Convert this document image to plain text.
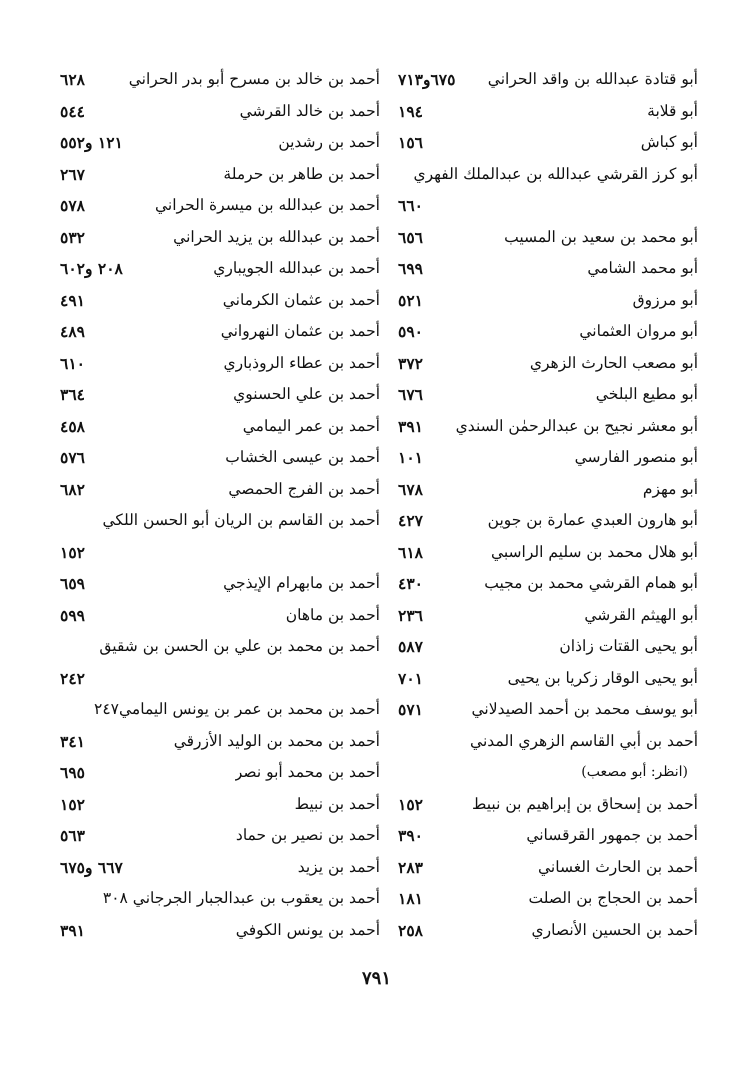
أبو قتادة عبدالله بن واقد الحراني
٦٧٥و٧١٣
أبو قلابة
١٩٤
أبو كباش
١٥٦
أبو كرز القرشي عبدالله بن عبدالملك الفهري
٦٦٠
أبو محمد بن سعيد بن المسيب
٦٥٦
أبو محمد الشامي
٦٩٩
أبو مرزوق
٥٢١
أبو مروان العثماني
٥٩٠
أبو مصعب الحارث الزهري
٣٧٢
أبو مطيع البلخي
٦٧٦
أبو معشر نجيح بن عبدالرحمٰن السندي
٣٩١
أبو منصور الفارسي
١٠١
أبو مهزم
٦٧٨
أبو هارون العبدي عمارة بن جوين
٤٢٧
أبو هلال محمد بن سليم الراسبي
٦١٨
أبو همام القرشي محمد بن مجيب
٤٣٠
أبو الهيثم القرشي
٢٣٦
أبو يحيى القتات زاذان
٥٨٧
أبو يحيى الوقار زكريا بن يحيى
٧٠١
أبو يوسف محمد بن أحمد الصيدلاني
٥٧١
أحمد بن أبي القاسم الزهري المدني
(انظر: أبو مصعب)
أحمد بن إسحاق بن إبراهيم بن نبيط
١٥٢
أحمد بن جمهور القرقساني
٣٩٠
أحمد بن الحارث الغساني
٢٨٣
أحمد بن الحجاج بن الصلت
١٨١
أحمد بن الحسين الأنصاري
٢٥٨
أحمد بن خالد بن مسرح أبو بدر الحراني
٦٢٨
أحمد بن خالد القرشي
٥٤٤
أحمد بن رشدين
١٢١ و٥٥٢
أحمد بن طاهر بن حرملة
٢٦٧
أحمد بن عبدالله بن ميسرة الحراني
٥٧٨
أحمد بن عبدالله بن يزيد الحراني
٥٣٢
أحمد بن عبدالله الجويباري
٢٠٨ و٦٠٢
أحمد بن عثمان الكرماني
٤٩١
أحمد بن عثمان النهرواني
٤٨٩
أحمد بن عطاء الروذباري
٦١٠
أحمد بن علي الحسنوي
٣٦٤
أحمد بن عمر اليمامي
٤٥٨
أحمد بن عيسى الخشاب
٥٧٦
أحمد بن الفرج الحمصي
٦٨٢
أحمد بن القاسم بن الريان أبو الحسن اللكي
١٥٢
أحمد بن مابهرام الإيذجي
٦٥٩
أحمد بن ماهان
٥٩٩
أحمد بن محمد بن علي بن الحسن بن شقيق
٢٤٢
أحمد بن محمد بن عمر بن يونس اليمامي٢٤٧
أحمد بن محمد بن الوليد الأزرقي
٣٤١
أحمد بن محمد أبو نصر
٦٩٥
أحمد بن نبيط
١٥٢
أحمد بن نصير بن حماد
٥٦٣
أحمد بن يزيد
٦٦٧ و٦٧٥
أحمد بن يعقوب بن عبدالجبار الجرجاني ٣٠٨
أحمد بن يونس الكوفي
٣٩١
٧٩١
